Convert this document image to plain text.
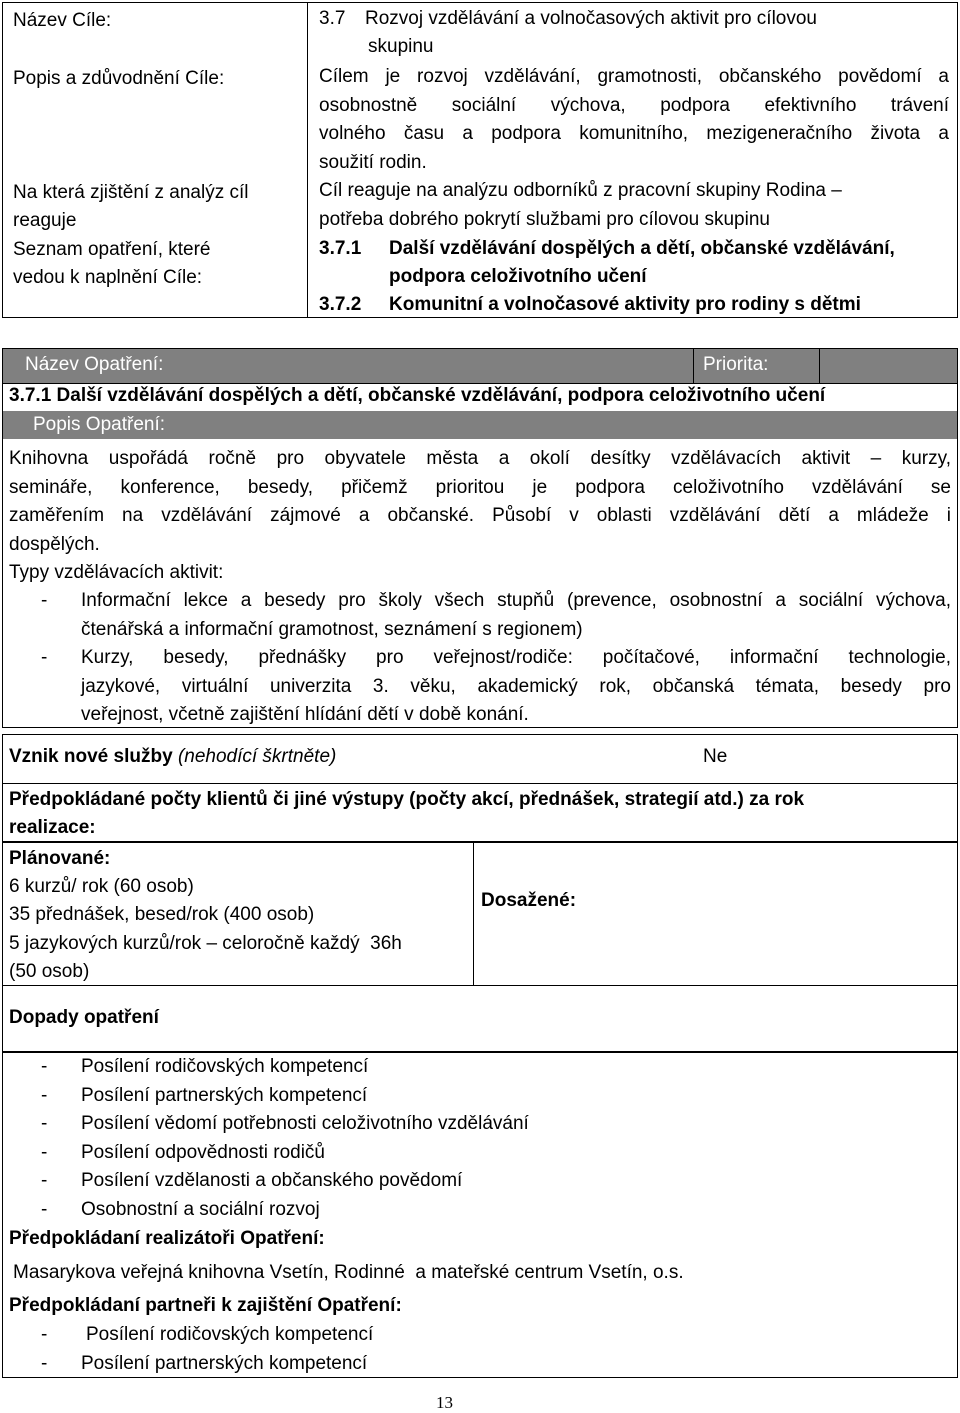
Název Cíle:
Popis a zdůvodnění Cíle:
Na která zjištění z analýz cíl
reaguje
Seznam opatření, které
vedou k naplnění Cíle:
3.7 Rozvoj vzdělávání a volnočasových aktivit pro cílovou
skupinu
Cílem je rozvoj vzdělávání, gramotnosti, občanského povědomí a
osobnostně sociální výchova, podpora efektivního trávení
volného času a podpora komunitního, mezigeneračního života a
soužití rodin.
Cíl reaguje na analýzu odborníků z pracovní skupiny Rodina –
potřeba dobrého pokrytí službami pro cílovou skupinu
3.7.1 Další vzdělávání dospělých a dětí, občanské vzdělávání,
podpora celoživotního učení
3.7.2 Komunitní a volnočasové aktivity pro rodiny s dětmi
Název Opatření:	Priorita:
3.7.1 Další vzdělávání dospělých a dětí, občanské vzdělávání, podpora celoživotního učení
Popis Opatření:
Knihovna uspořádá ročně pro obyvatele města a okolí desítky vzdělávacích aktivit – kurzy,
semináře, konference, besedy, přičemž prioritou je podpora celoživotního vzdělávání se
zaměřením na vzdělávání zájmové a občanské. Působí v oblasti vzdělávání dětí a mládeže i
dospělých.
Typy vzdělávacích aktivit:
- Informační lekce a besedy pro školy všech stupňů (prevence, osobnostní a sociální výchova,
čtenářská a informační gramotnost, seznámení s regionem)
- Kurzy, besedy, přednášky pro veřejnost/rodiče: počítačové, informační technologie,
jazykové, virtuální univerzita 3. věku, akademický rok, občanská témata, besedy pro
veřejnost, včetně zajištění hlídání dětí v době konání.
Vznik nové služby (nehodící škrtněte)	Ne
Předpokládané počty klientů či jiné výstupy (počty akcí, přednášek, strategií atd.) za rok
realizace:
Plánované:
6 kurzů/ rok (60 osob)
35 přednášek, besed/rok (400 osob)
5 jazykových kurzů/rok – celoročně každý  36h
(50 osob)
Dosažené:
Dopady opatření
- Posílení rodičovských kompetencí
- Posílení partnerských kompetencí
- Posílení vědomí potřebnosti celoživotního vzdělávání
- Posílení odpovědnosti rodičů
- Posílení vzdělanosti a občanského povědomí
- Osobnostní a sociální rozvoj
Předpokládaní realizátoři Opatření:
Masarykova veřejná knihovna Vsetín, Rodinné  a mateřské centrum Vsetín, o.s.
Předpokládaní partneři k zajištění Opatření:
- Posílení rodičovských kompetencí
- Posílení partnerských kompetencí
13
